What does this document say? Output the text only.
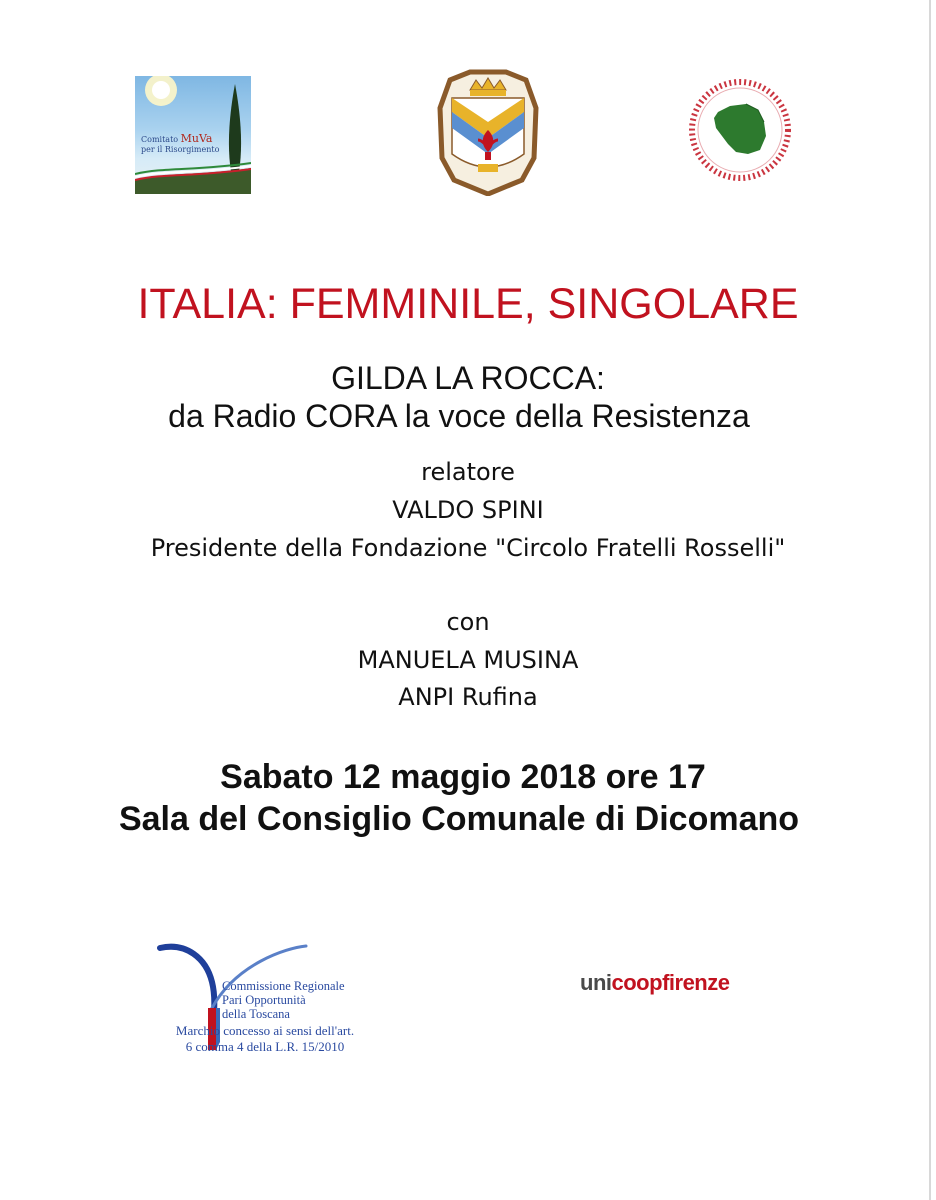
Comitato MuVa
per il Risorgimento
ITALIA: FEMMINILE, SINGOLARE
GILDA LA ROCCA:
da Radio CORA la voce della Resistenza
relatore
VALDO SPINI
Presidente della Fondazione "Circolo Fratelli Rosselli"
con
MANUELA MUSINA
ANPI Rufina
Sabato 12 maggio 2018 ore 17
Sala del Consiglio Comunale di Dicomano
Commissione Regionale
Pari Opportunità
della Toscana
Marchio concesso ai sensi dell'art.
6 comma 4 della L.R. 15/2010
unicoopfirenze
